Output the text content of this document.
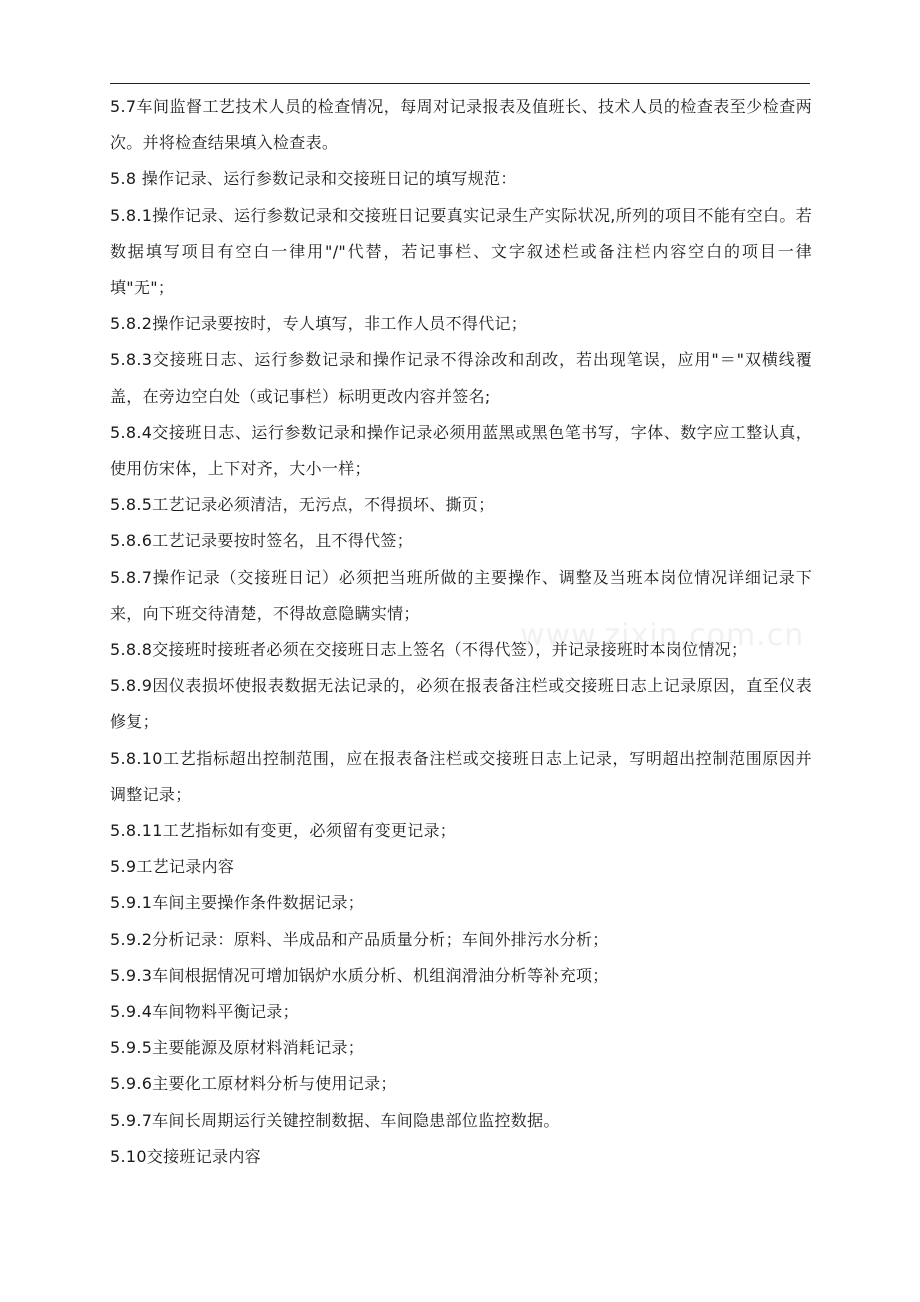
5.7车间监督工艺技术人员的检查情况，每周对记录报表及值班长、技术人员的检查表至少检查两次。并将检查结果填入检查表。

5.8 操作记录、运行参数记录和交接班日记的填写规范：

5.8.1操作记录、运行参数记录和交接班日记要真实记录生产实际状况,所列的项目不能有空白。若数据填写项目有空白一律用"/"代替，若记事栏、文字叙述栏或备注栏内容空白的项目一律填"无"；

5.8.2操作记录要按时，专人填写，非工作人员不得代记；

5.8.3交接班日志、运行参数记录和操作记录不得涂改和刮改，若出现笔误，应用"＝"双横线覆盖，在旁边空白处（或记事栏）标明更改内容并签名;

5.8.4交接班日志、运行参数记录和操作记录必须用蓝黑或黑色笔书写，字体、数字应工整认真，使用仿宋体，上下对齐，大小一样；

5.8.5工艺记录必须清洁，无污点，不得损坏、撕页；

5.8.6工艺记录要按时签名，且不得代签；

5.8.7操作记录（交接班日记）必须把当班所做的主要操作、调整及当班本岗位情况详细记录下来，向下班交待清楚，不得故意隐瞒实情；

5.8.8交接班时接班者必须在交接班日志上签名（不得代签），并记录接班时本岗位情况；

5.8.9因仪表损坏使报表数据无法记录的，必须在报表备注栏或交接班日志上记录原因，直至仪表修复；

5.8.10工艺指标超出控制范围，应在报表备注栏或交接班日志上记录，写明超出控制范围原因并调整记录；

5.8.11工艺指标如有变更，必须留有变更记录；

5.9工艺记录内容

5.9.1车间主要操作条件数据记录；

5.9.2分析记录：原料、半成品和产品质量分析；车间外排污水分析；

5.9.3车间根据情况可增加锅炉水质分析、机组润滑油分析等补充项；

5.9.4车间物料平衡记录；

5.9.5主要能源及原材料消耗记录；

5.9.6主要化工原材料分析与使用记录；

5.9.7车间长周期运行关键控制数据、车间隐患部位监控数据。

5.10交接班记录内容

www.zixin.com.cn
